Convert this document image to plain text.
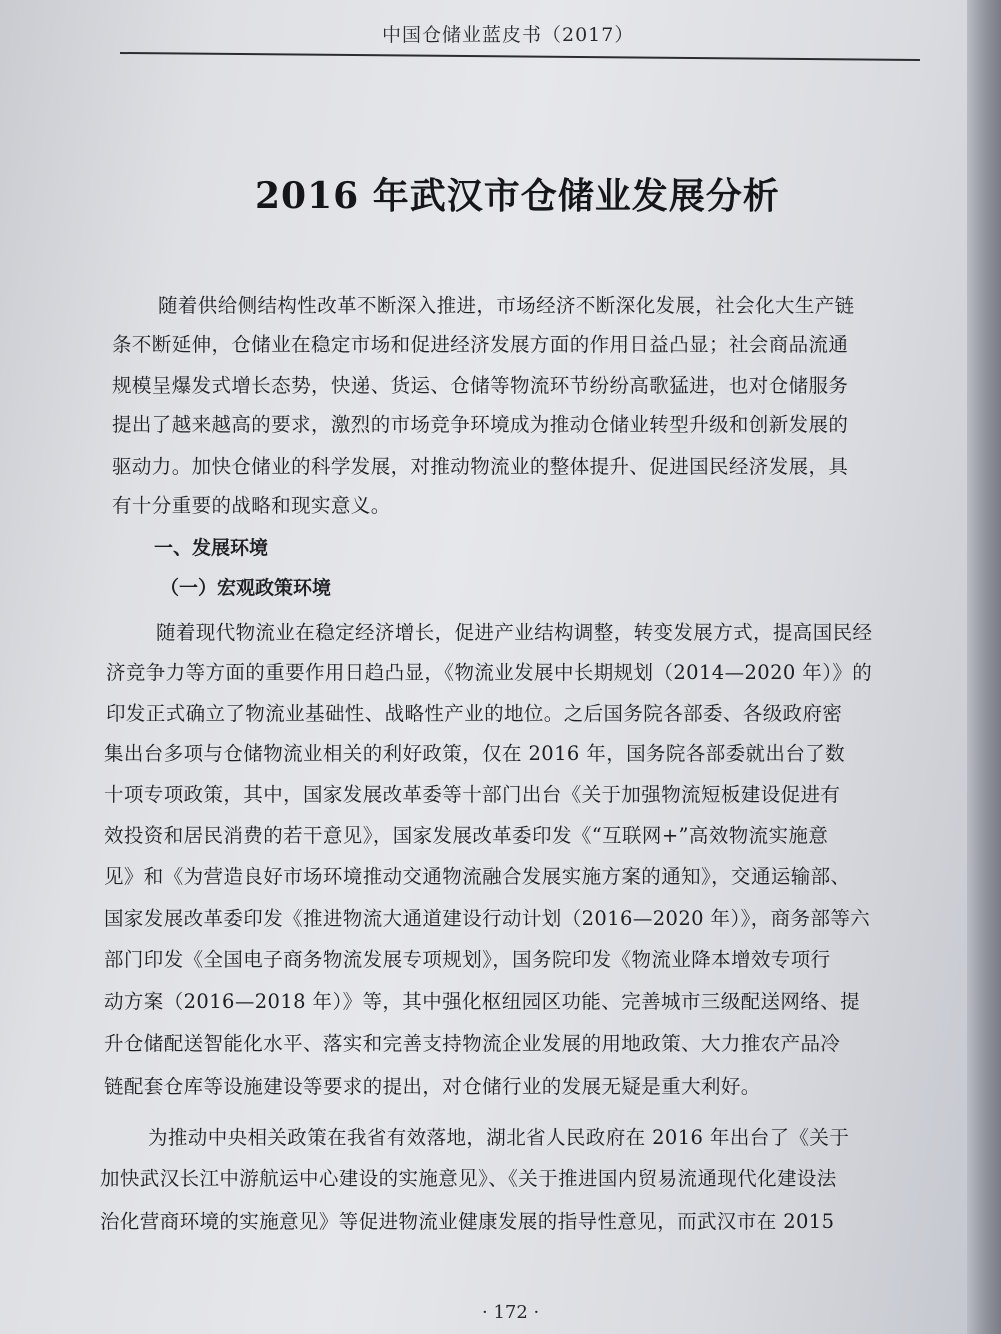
中国仓储业蓝皮书（2017）

2016 年武汉市仓储业发展分析
随着供给侧结构性改革不断深入推进，市场经济不断深化发展，社会化大生产链
条不断延伸，仓储业在稳定市场和促进经济发展方面的作用日益凸显；社会商品流通
规模呈爆发式增长态势，快递、货运、仓储等物流环节纷纷高歌猛进，也对仓储服务
提出了越来越高的要求，激烈的市场竞争环境成为推动仓储业转型升级和创新发展的
驱动力。加快仓储业的科学发展，对推动物流业的整体提升、促进国民经济发展，具
有十分重要的战略和现实意义。
一、发展环境
（一）宏观政策环境
随着现代物流业在稳定经济增长，促进产业结构调整，转变发展方式，提高国民经
济竞争力等方面的重要作用日趋凸显，《物流业发展中长期规划（2014—2020 年）》的
印发正式确立了物流业基础性、战略性产业的地位。之后国务院各部委、各级政府密
集出台多项与仓储物流业相关的利好政策，仅在 2016 年，国务院各部委就出台了数
十项专项政策，其中，国家发展改革委等十部门出台《关于加强物流短板建设促进有
效投资和居民消费的若干意见》，国家发展改革委印发《“互联网+”高效物流实施意
见》和《为营造良好市场环境推动交通物流融合发展实施方案的通知》，交通运输部、
国家发展改革委印发《推进物流大通道建设行动计划（2016—2020 年）》，商务部等六
部门印发《全国电子商务物流发展专项规划》，国务院印发《物流业降本增效专项行
动方案（2016—2018 年）》等，其中强化枢纽园区功能、完善城市三级配送网络、提
升仓储配送智能化水平、落实和完善支持物流企业发展的用地政策、大力推农产品冷
链配套仓库等设施建设等要求的提出，对仓储行业的发展无疑是重大利好。
为推动中央相关政策在我省有效落地，湖北省人民政府在 2016 年出台了《关于
加快武汉长江中游航运中心建设的实施意见》、《关于推进国内贸易流通现代化建设法
治化营商环境的实施意见》等促进物流业健康发展的指导性意见，而武汉市在 2015
· 172 ·
